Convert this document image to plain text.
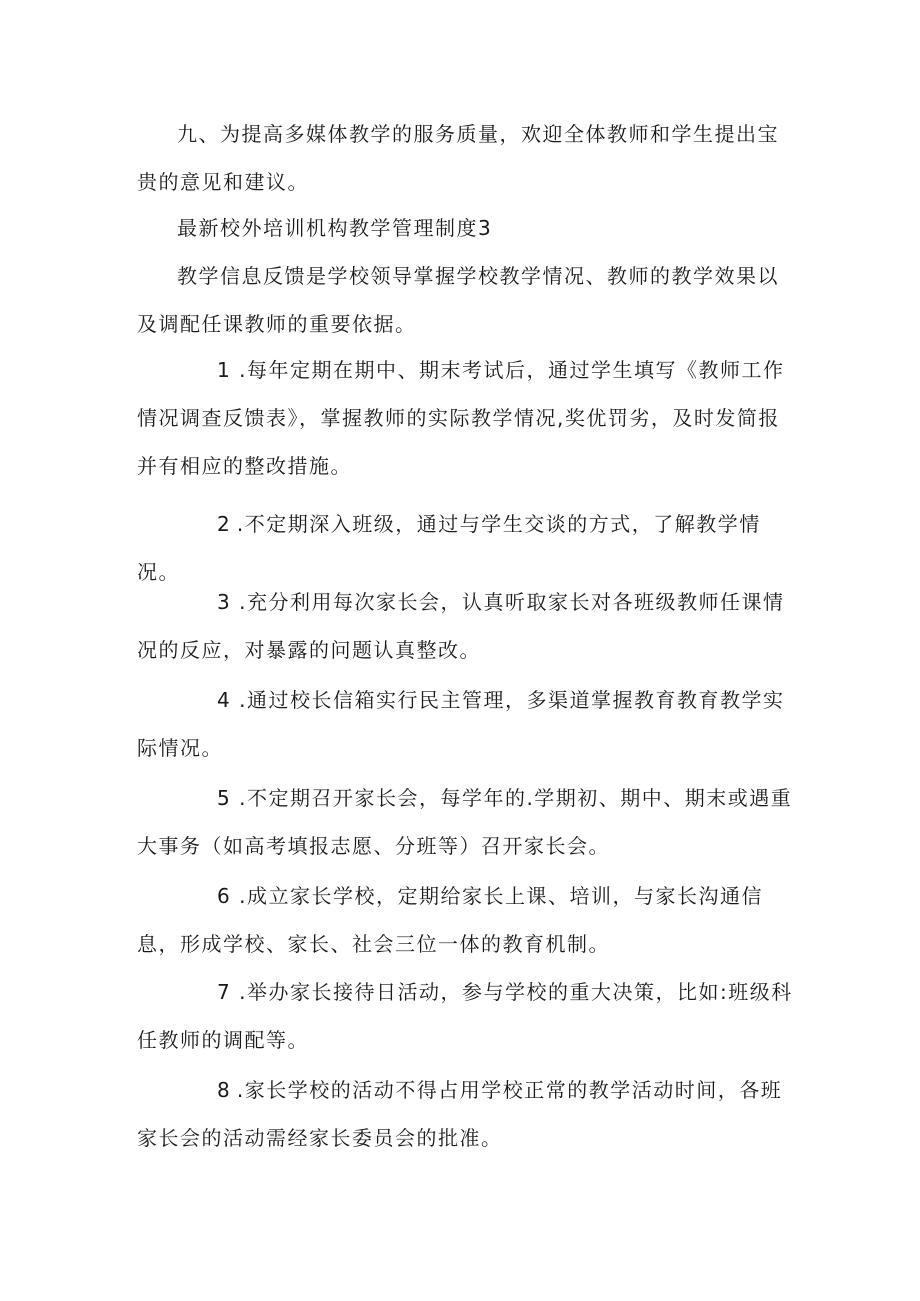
九、为提高多媒体教学的服务质量，欢迎全体教师和学生提出宝贵的意见和建议。

最新校外培训机构教学管理制度3

教学信息反馈是学校领导掌握学校教学情况、教师的教学效果以及调配任课教师的重要依据。

1 .每年定期在期中、期末考试后，通过学生填写《教师工作情况调查反馈表》，掌握教师的实际教学情况,奖优罚劣，及时发简报并有相应的整改措施。

2 .不定期深入班级，通过与学生交谈的方式，了解教学情况。

3 .充分利用每次家长会，认真听取家长对各班级教师任课情况的反应，对暴露的问题认真整改。

4 .通过校长信箱实行民主管理，多渠道掌握教育教育教学实际情况。

5 .不定期召开家长会，每学年的.学期初、期中、期末或遇重大事务（如高考填报志愿、分班等）召开家长会。

6 .成立家长学校，定期给家长上课、培训，与家长沟通信息，形成学校、家长、社会三位一体的教育机制。

7 .举办家长接待日活动，参与学校的重大决策，比如:班级科任教师的调配等。

8 .家长学校的活动不得占用学校正常的教学活动时间，各班家长会的活动需经家长委员会的批准。
